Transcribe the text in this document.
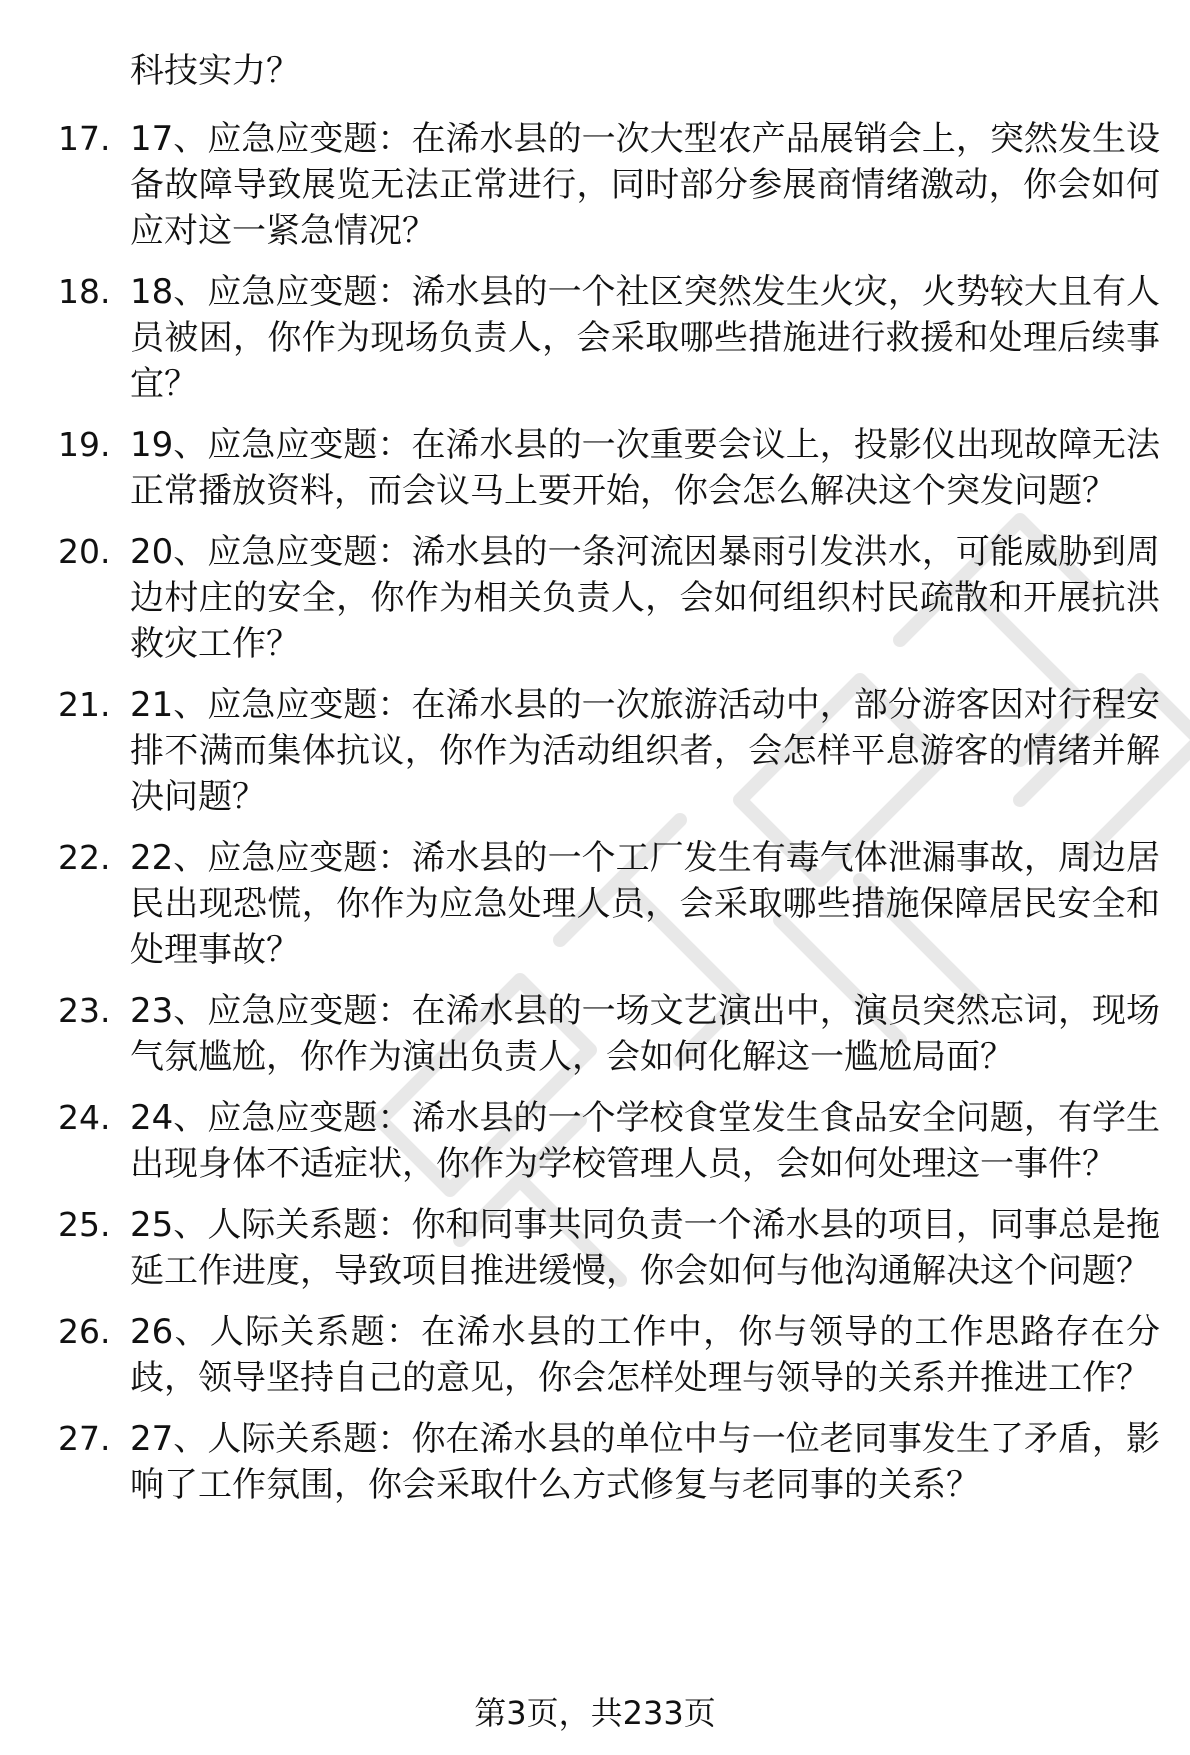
科技实力？

17. 17、应急应变题：在浠水县的一次大型农产品展销会上，突然发生设备故障导致展览无法正常进行，同时部分参展商情绪激动，你会如何应对这一紧急情况？
18. 18、应急应变题：浠水县的一个社区突然发生火灾，火势较大且有人员被困，你作为现场负责人，会采取哪些措施进行救援和处理后续事宜？
19. 19、应急应变题：在浠水县的一次重要会议上，投影仪出现故障无法正常播放资料，而会议马上要开始，你会怎么解决这个突发问题？
20. 20、应急应变题：浠水县的一条河流因暴雨引发洪水，可能威胁到周边村庄的安全，你作为相关负责人，会如何组织村民疏散和开展抗洪救灾工作？
21. 21、应急应变题：在浠水县的一次旅游活动中，部分游客因对行程安排不满而集体抗议，你作为活动组织者，会怎样平息游客的情绪并解决问题？
22. 22、应急应变题：浠水县的一个工厂发生有毒气体泄漏事故，周边居民出现恐慌，你作为应急处理人员，会采取哪些措施保障居民安全和处理事故？
23. 23、应急应变题：在浠水县的一场文艺演出中，演员突然忘词，现场气氛尴尬，你作为演出负责人，会如何化解这一尴尬局面？
24. 24、应急应变题：浠水县的一个学校食堂发生食品安全问题，有学生出现身体不适症状，你作为学校管理人员，会如何处理这一事件？
25. 25、人际关系题：你和同事共同负责一个浠水县的项目，同事总是拖延工作进度，导致项目推进缓慢，你会如何与他沟通解决这个问题？
26. 26、人际关系题：在浠水县的工作中，你与领导的工作思路存在分歧，领导坚持自己的意见，你会怎样处理与领导的关系并推进工作？
27. 27、人际关系题：你在浠水县的单位中与一位老同事发生了矛盾，影响了工作氛围，你会采取什么方式修复与老同事的关系？
第3页，共233页
